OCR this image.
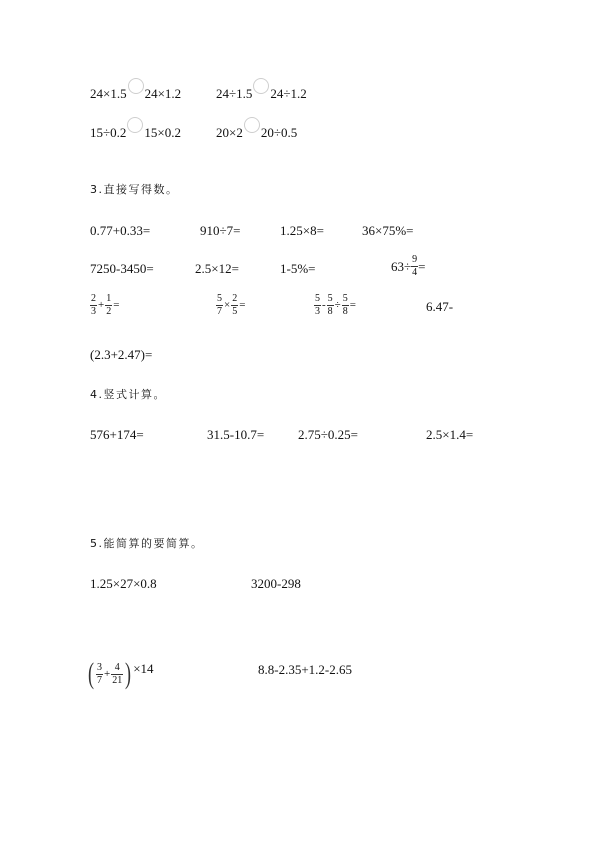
24×1.5 24×1.2	24÷1.5 24÷1.2
15÷0.2 15×0.2	20×2 20÷0.5
3.直接写得数。
0.77+0.33=	910÷7=	1.25×8=	36×75%=
7250-3450=	2.5×12=	1-5%=	$63\div \frac{9}{4}$ =
$\frac{2}{3} + \frac{1}{2}$ =	$\frac{5}{7} \times \frac{2}{5}$ =	$\frac{5}{3} - \frac{5}{8} \div \frac{5}{8}$ =	6.47-
(2.3+2.47)=
4.竖式计算。
576+174=	31.5-10.7=	2.75÷0.25=	2.5×1.4=
5.能简算的要简算。
1.25×27×0.8	3200-298
( $\frac{3}{7} + \frac{4}{21}$ ) ×14	8.8-2.35+1.2-2.65
